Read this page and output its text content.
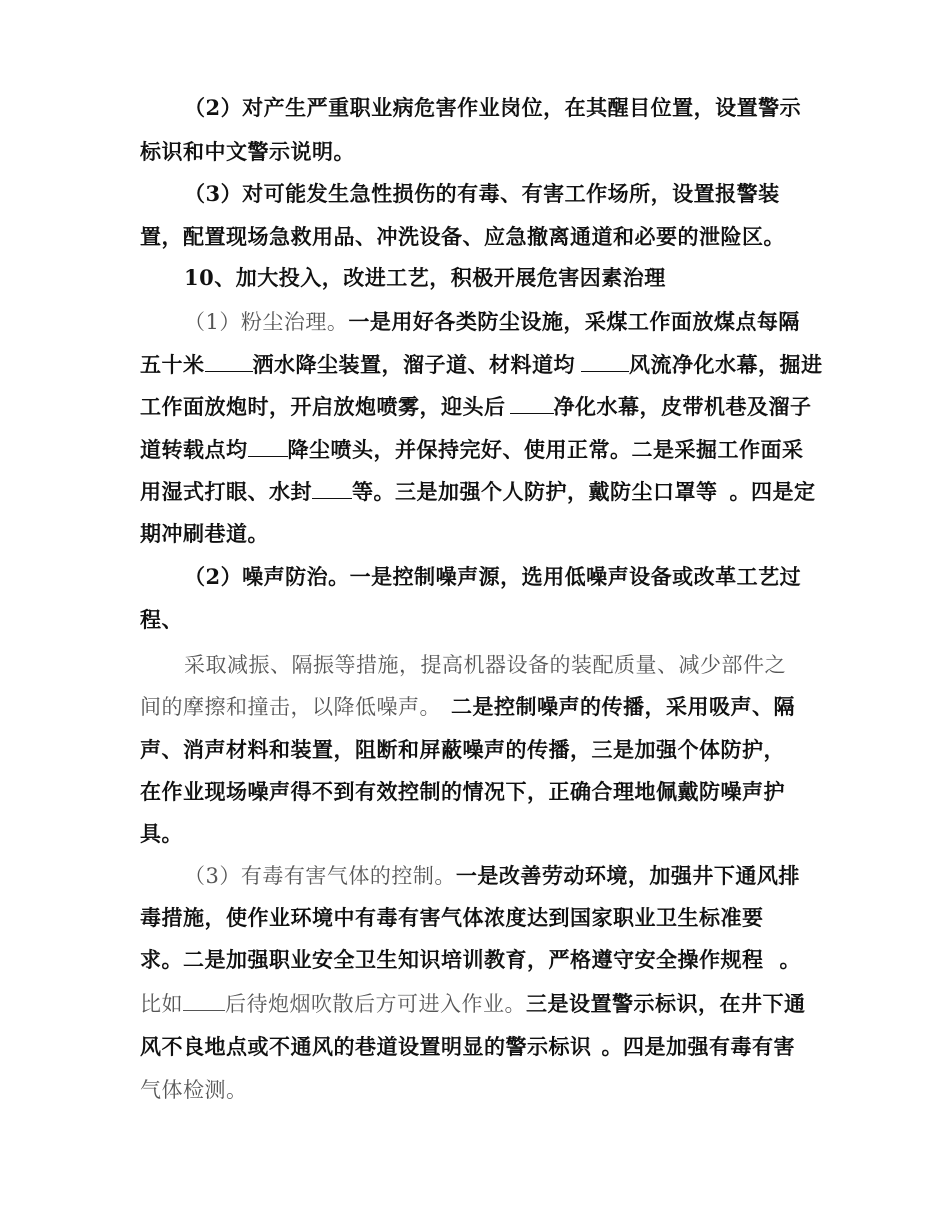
（2）对产生严重职业病危害作业岗位，在其醒目位置，设置警示
标识和中文警示说明。
（3）对可能发生急性损伤的有毒、有害工作场所，设置报警装
置，配置现场急救用品、冲洗设备、应急撤离通道和必要的泄险区。
10、加大投入，改进工艺，积极开展危害因素治理
（1）粉尘治理。一是用好各类防尘设施，采煤工作面放煤点每隔
五十米 洒水降尘装置，溜子道、材料道均	风流净化水幕，掘进
工作面放炮时，开启放炮喷雾，迎头后 净化水幕，皮带机巷及溜子
道转载点均 降尘喷头，并保持完好、使用正常。二是采掘工作面采
用湿式打眼、水封 等。三是加强个人防护，戴防尘口罩等 。四是定
期冲刷巷道。
（2）噪声防治。一是控制噪声源，选用低噪声设备或改革工艺过
程、
采取减振、隔振等措施，提高机器设备的装配质量、减少部件之
间的摩擦和撞击，以降低噪声。 二是控制噪声的传播，采用吸声、隔
声、消声材料和装置，阻断和屏蔽噪声的传播，三是加强个体防护，
在作业现场噪声得不到有效控制的情况下，正确合理地佩戴防噪声护
具。
（3）有毒有害气体的控制。一是改善劳动环境，加强井下通风排
毒措施，使作业环境中有毒有害气体浓度达到国家职业卫生标准要
求。二是加强职业安全卫生知识培训教育，严格遵守安全操作规程 。
比如 后待炮烟吹散后方可进入作业。三是设置警示标识，在井下通
风不良地点或不通风的巷道设置明显的警示标识 。四是加强有毒有害
气体检测。
